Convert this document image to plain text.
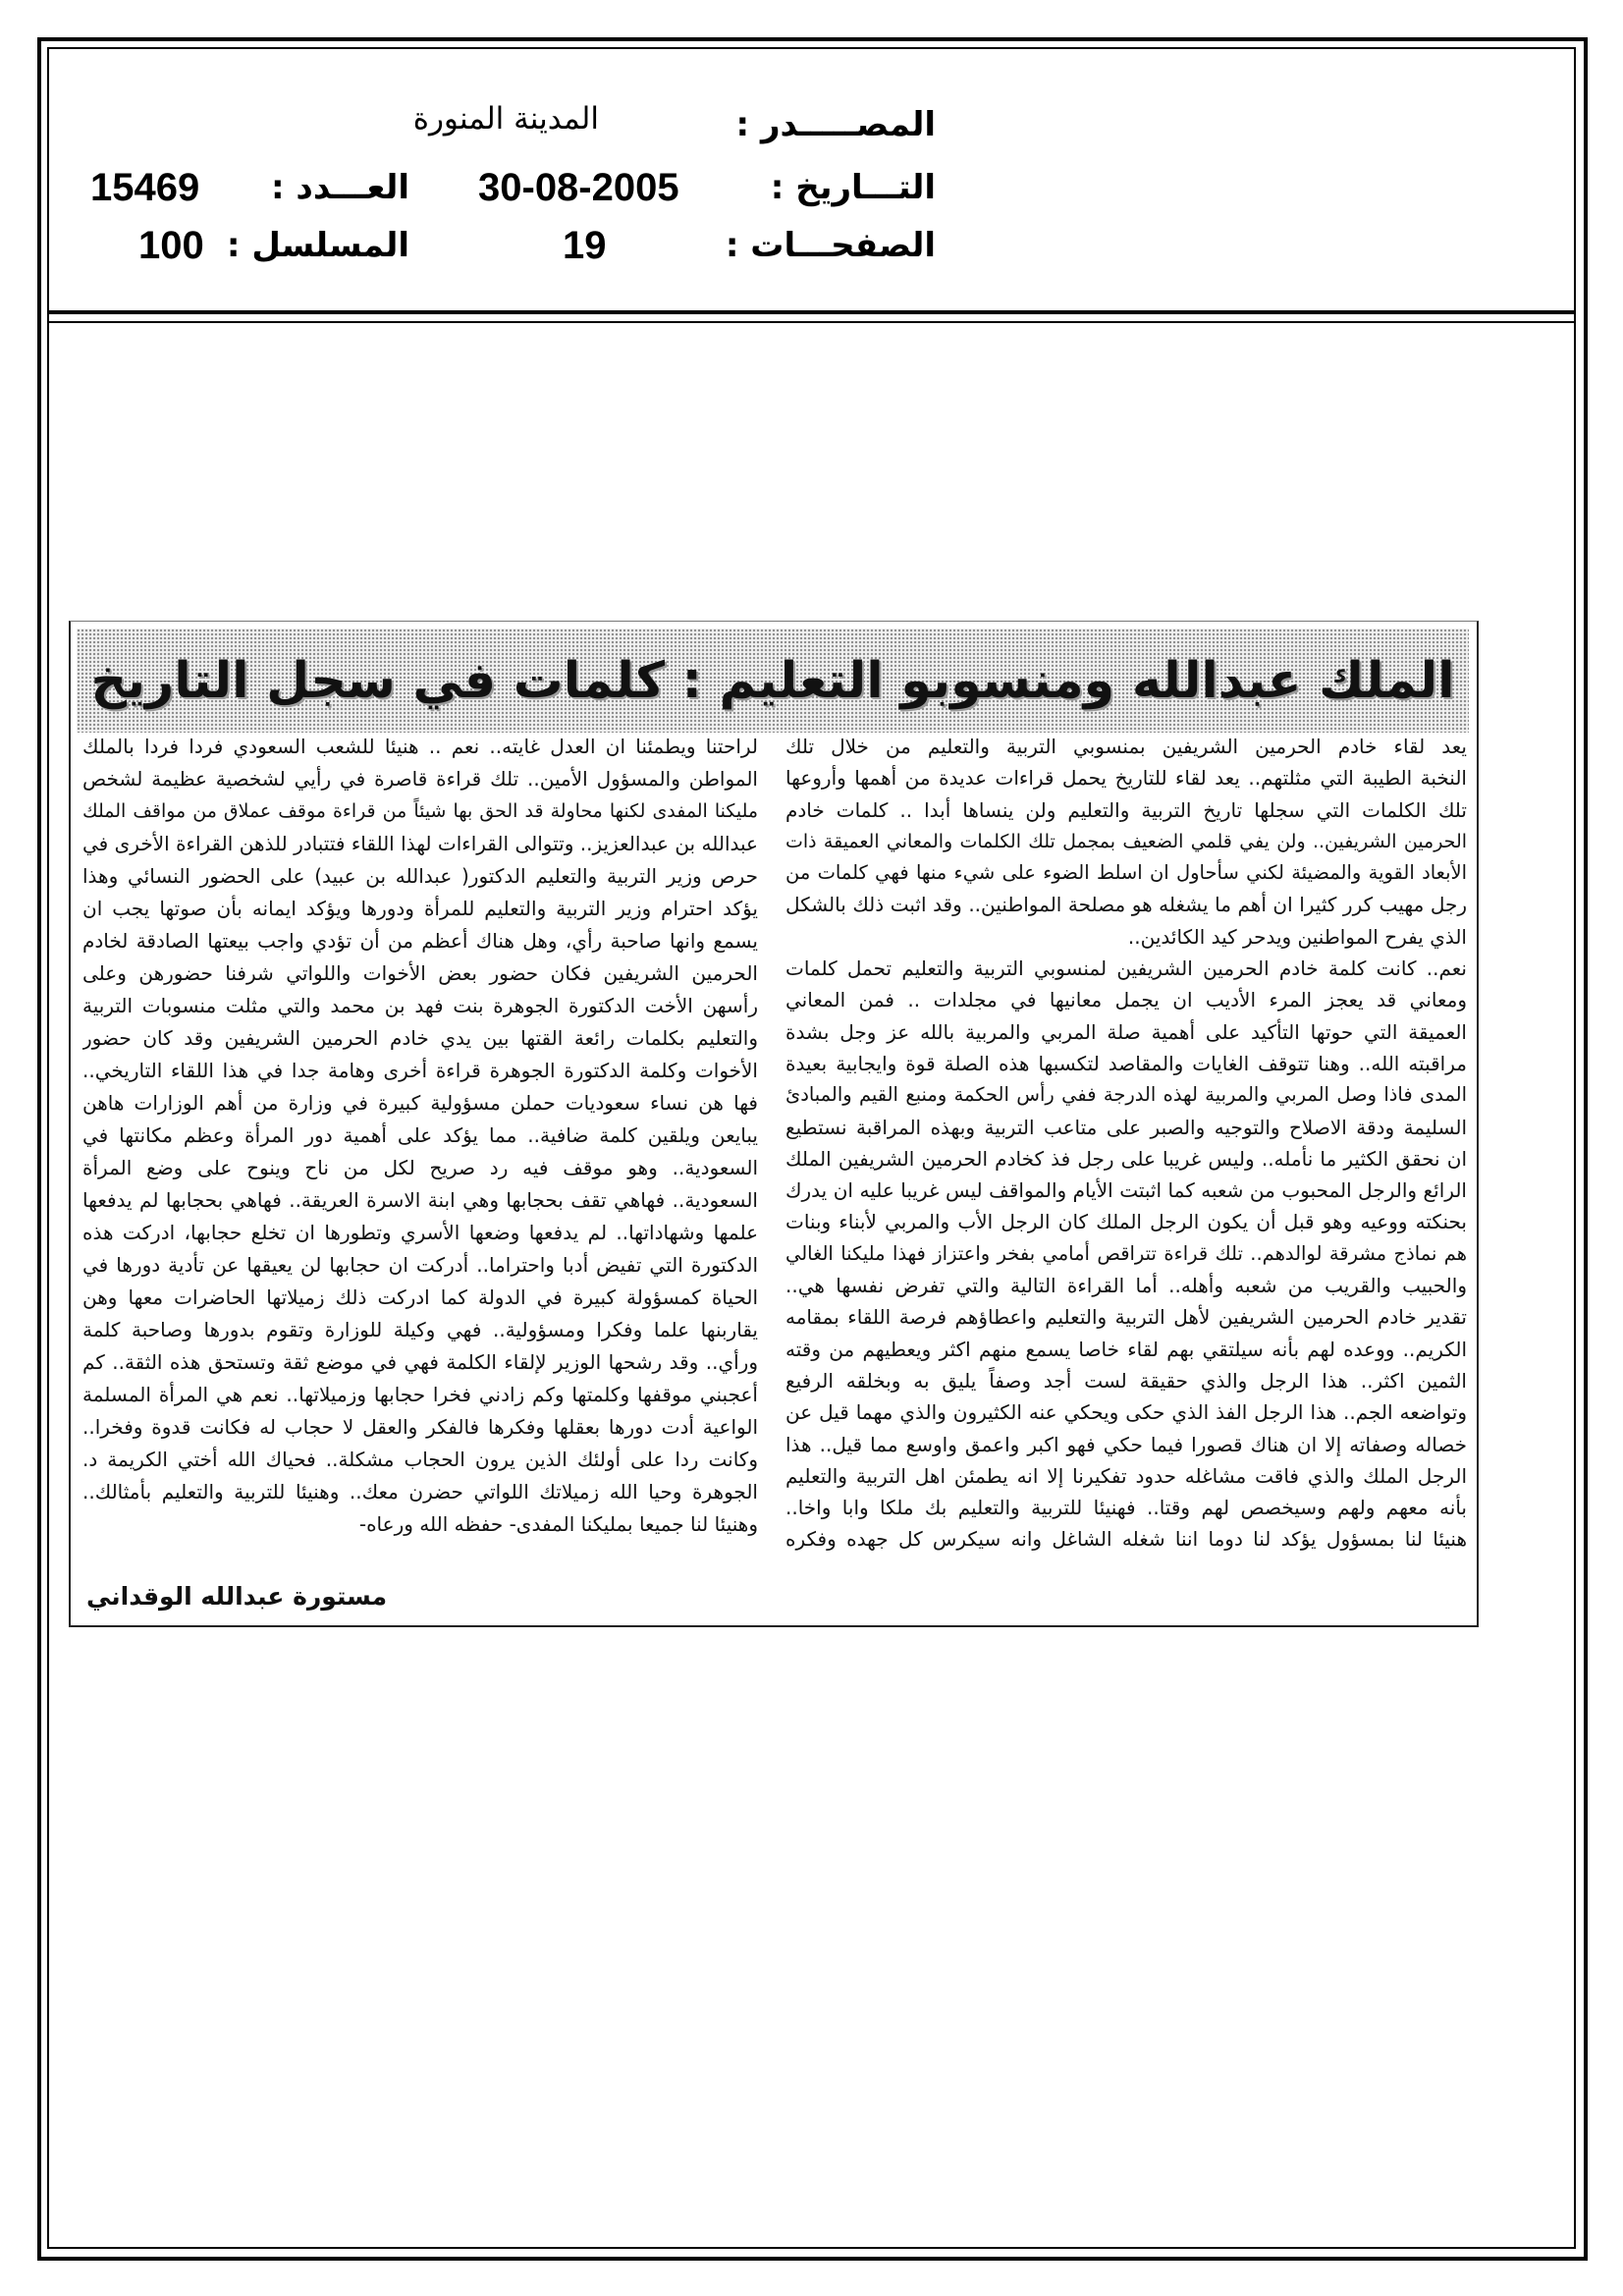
المصـــــدر :
المدينة المنورة
التـــاريخ :
30-08-2005
العـــدد :
15469
الصفحـــات :
19
المسلسل :
100
الملك عبدالله ومنسوبو التعليم : كلمات في سجل التاريخ
يعد لقاء خادم الحرمين الشريفين بمنسوبي التربية والتعليم من خلال تلك
النخبة الطيبة التي مثلتهم.. يعد لقاء للتاريخ يحمل قراءات عديدة من أهمها وأروعها
تلك الكلمات التي سجلها تاريخ التربية والتعليم ولن ينساها أبدا .. كلمات خادم
الحرمين الشريفين.. ولن يفي قلمي الضعيف بمجمل تلك الكلمات والمعاني العميقة ذات
الأبعاد القوية والمضيئة لكني سأحاول ان اسلط الضوء على شيء منها فهي كلمات من
رجل مهيب كرر كثيرا ان أهم ما يشغله هو مصلحة المواطنين.. وقد اثبت ذلك بالشكل
الذي يفرح المواطنين ويدحر كيد الكائدين..
نعم.. كانت كلمة خادم الحرمين الشريفين لمنسوبي التربية والتعليم تحمل كلمات
ومعاني قد يعجز المرء الأديب ان يجمل معانيها في مجلدات .. فمن المعاني
العميقة التي حوتها التأكيد على أهمية صلة المربي والمربية بالله عز وجل بشدة
مراقبته الله.. وهنا تتوقف الغايات والمقاصد لتكسبها هذه الصلة قوة وايجابية بعيدة
المدى فاذا وصل المربي والمربية لهذه الدرجة ففي رأس الحكمة ومنبع القيم والمبادئ
السليمة ودقة الاصلاح والتوجيه والصبر على متاعب التربية وبهذه المراقبة نستطيع
ان نحقق الكثير ما نأمله.. وليس غريبا على رجل فذ كخادم الحرمين الشريفين الملك
الرائع والرجل المحبوب من شعبه كما اثبتت الأيام والمواقف ليس غريبا عليه ان يدرك
بحنكته ووعيه وهو قبل أن يكون الرجل الملك كان الرجل الأب والمربي لأبناء وبنات
هم نماذج مشرقة لوالدهم.. تلك قراءة تتراقص أمامي بفخر واعتزاز فهذا مليكنا الغالي
والحبيب والقريب من شعبه وأهله.. أما القراءة التالية والتي تفرض نفسها هي..
تقدير خادم الحرمين الشريفين لأهل التربية والتعليم واعطاؤهم فرصة اللقاء بمقامه
الكريم.. ووعده لهم بأنه سيلتقي بهم لقاء خاصا يسمع منهم اكثر ويعطيهم من وقته
الثمين اكثر.. هذا الرجل والذي حقيقة لست أجد وصفاً يليق به وبخلقه الرفيع
وتواضعه الجم.. هذا الرجل الفذ الذي حكى ويحكي عنه الكثيرون والذي مهما قيل عن
خصاله وصفاته إلا ان هناك قصورا فيما حكي فهو اكبر واعمق واوسع مما قيل.. هذا
الرجل الملك والذي فاقت مشاغله حدود تفكيرنا إلا انه يطمئن اهل التربية والتعليم
بأنه معهم ولهم وسيخصص لهم وقتا.. فهنيئا للتربية والتعليم بك ملكا وابا واخا..
هنيئا لنا بمسؤول يؤكد لنا دوما اننا شغله الشاغل وانه سيكرس كل جهده وفكره
لراحتنا ويطمئنا ان العدل غايته.. نعم .. هنيئا للشعب السعودي فردا فردا بالملك
المواطن والمسؤول الأمين.. تلك قراءة قاصرة في رأيي لشخصية عظيمة لشخص
مليكنا المفدى لكنها محاولة قد الحق بها شيئاً من قراءة موقف عملاق من مواقف الملك
عبدالله بن عبدالعزيز.. وتتوالى القراءات لهذا اللقاء فتتبادر للذهن القراءة الأخرى في
حرص وزير التربية والتعليم الدكتور( عبدالله بن عبيد) على الحضور النسائي وهذا
يؤكد احترام وزير التربية والتعليم للمرأة ودورها ويؤكد ايمانه بأن صوتها يجب ان
يسمع وانها صاحبة رأي، وهل هناك أعظم من أن تؤدي واجب بيعتها الصادقة لخادم
الحرمين الشريفين فكان حضور بعض الأخوات واللواتي شرفنا حضورهن وعلى
رأسهن الأخت الدكتورة الجوهرة بنت فهد بن محمد والتي مثلت منسوبات التربية
والتعليم بكلمات رائعة القتها بين يدي خادم الحرمين الشريفين وقد كان حضور
الأخوات وكلمة الدكتورة الجوهرة قراءة أخرى وهامة جدا في هذا اللقاء التاريخي..
فها هن نساء سعوديات حملن مسؤولية كبيرة في وزارة من أهم الوزارات هاهن
يبايعن ويلقين كلمة ضافية.. مما يؤكد على أهمية دور المرأة وعظم مكانتها في
السعودية.. وهو موقف فيه رد صريح لكل من ناح وينوح على وضع المرأة
السعودية.. فهاهي تقف بحجابها وهي ابنة الاسرة العريقة.. فهاهي بحجابها لم يدفعها
علمها وشهاداتها.. لم يدفعها وضعها الأسري وتطورها ان تخلع حجابها، ادركت هذه
الدكتورة التي تفيض أدبا واحتراما.. أدركت ان حجابها لن يعيقها عن تأدية دورها في
الحياة كمسؤولة كبيرة في الدولة كما ادركت ذلك زميلاتها الحاضرات معها وهن
يقاربنها علما وفكرا ومسؤولية.. فهي وكيلة للوزارة وتقوم بدورها وصاحبة كلمة
ورأي.. وقد رشحها الوزير لإلقاء الكلمة فهي في موضع ثقة وتستحق هذه الثقة.. كم
أعجبني موقفها وكلمتها وكم زادني فخرا حجابها وزميلاتها.. نعم هي المرأة المسلمة
الواعية أدت دورها بعقلها وفكرها فالفكر والعقل لا حجاب له فكانت قدوة وفخرا..
وكانت ردا على أولئك الذين يرون الحجاب مشكلة.. فحياك الله أختي الكريمة د.
الجوهرة وحيا الله زميلاتك اللواتي حضرن معك.. وهنيئا للتربية والتعليم بأمثالك..
وهنيئا لنا جميعا بمليكنا المفدى- حفظه الله ورعاه-
مستورة عبدالله الوقداني
